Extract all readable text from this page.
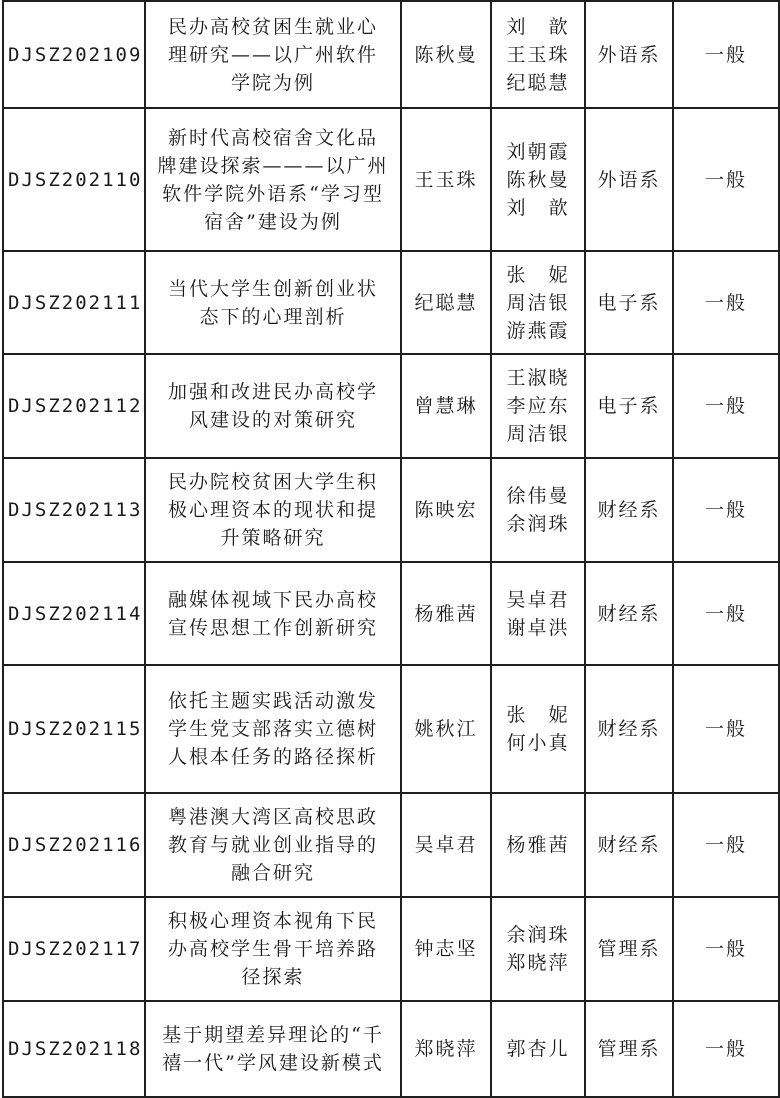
DJSZ202109	民办高校贫困生就业心
理研究——以广州软件
学院为例	陈秋曼	刘　歆
王玉珠
纪聪慧	外语系	一般
DJSZ202110	新时代高校宿舍文化品
牌建设探索———以广州
软件学院外语系“学习型
宿舍”建设为例	王玉珠	刘朝霞
陈秋曼
刘　歆	外语系	一般
DJSZ202111	当代大学生创新创业状
态下的心理剖析	纪聪慧	张　妮
周洁银
游燕霞	电子系	一般
DJSZ202112	加强和改进民办高校学
风建设的对策研究	曾慧琳	王淑晓
李应东
周洁银	电子系	一般
DJSZ202113	民办院校贫困大学生积
极心理资本的现状和提
升策略研究	陈映宏	徐伟曼
余润珠	财经系	一般
DJSZ202114	融媒体视域下民办高校
宣传思想工作创新研究	杨雅茜	吴卓君
谢卓洪	财经系	一般
DJSZ202115	依托主题实践活动激发
学生党支部落实立德树
人根本任务的路径探析	姚秋江	张　妮
何小真	财经系	一般
DJSZ202116	粤港澳大湾区高校思政
教育与就业创业指导的
融合研究	吴卓君	杨雅茜	财经系	一般
DJSZ202117	积极心理资本视角下民
办高校学生骨干培养路
径探索	钟志坚	余润珠
郑晓萍	管理系	一般
DJSZ202118	基于期望差异理论的“千
禧一代”学风建设新模式	郑晓萍	郭杏儿	管理系	一般
